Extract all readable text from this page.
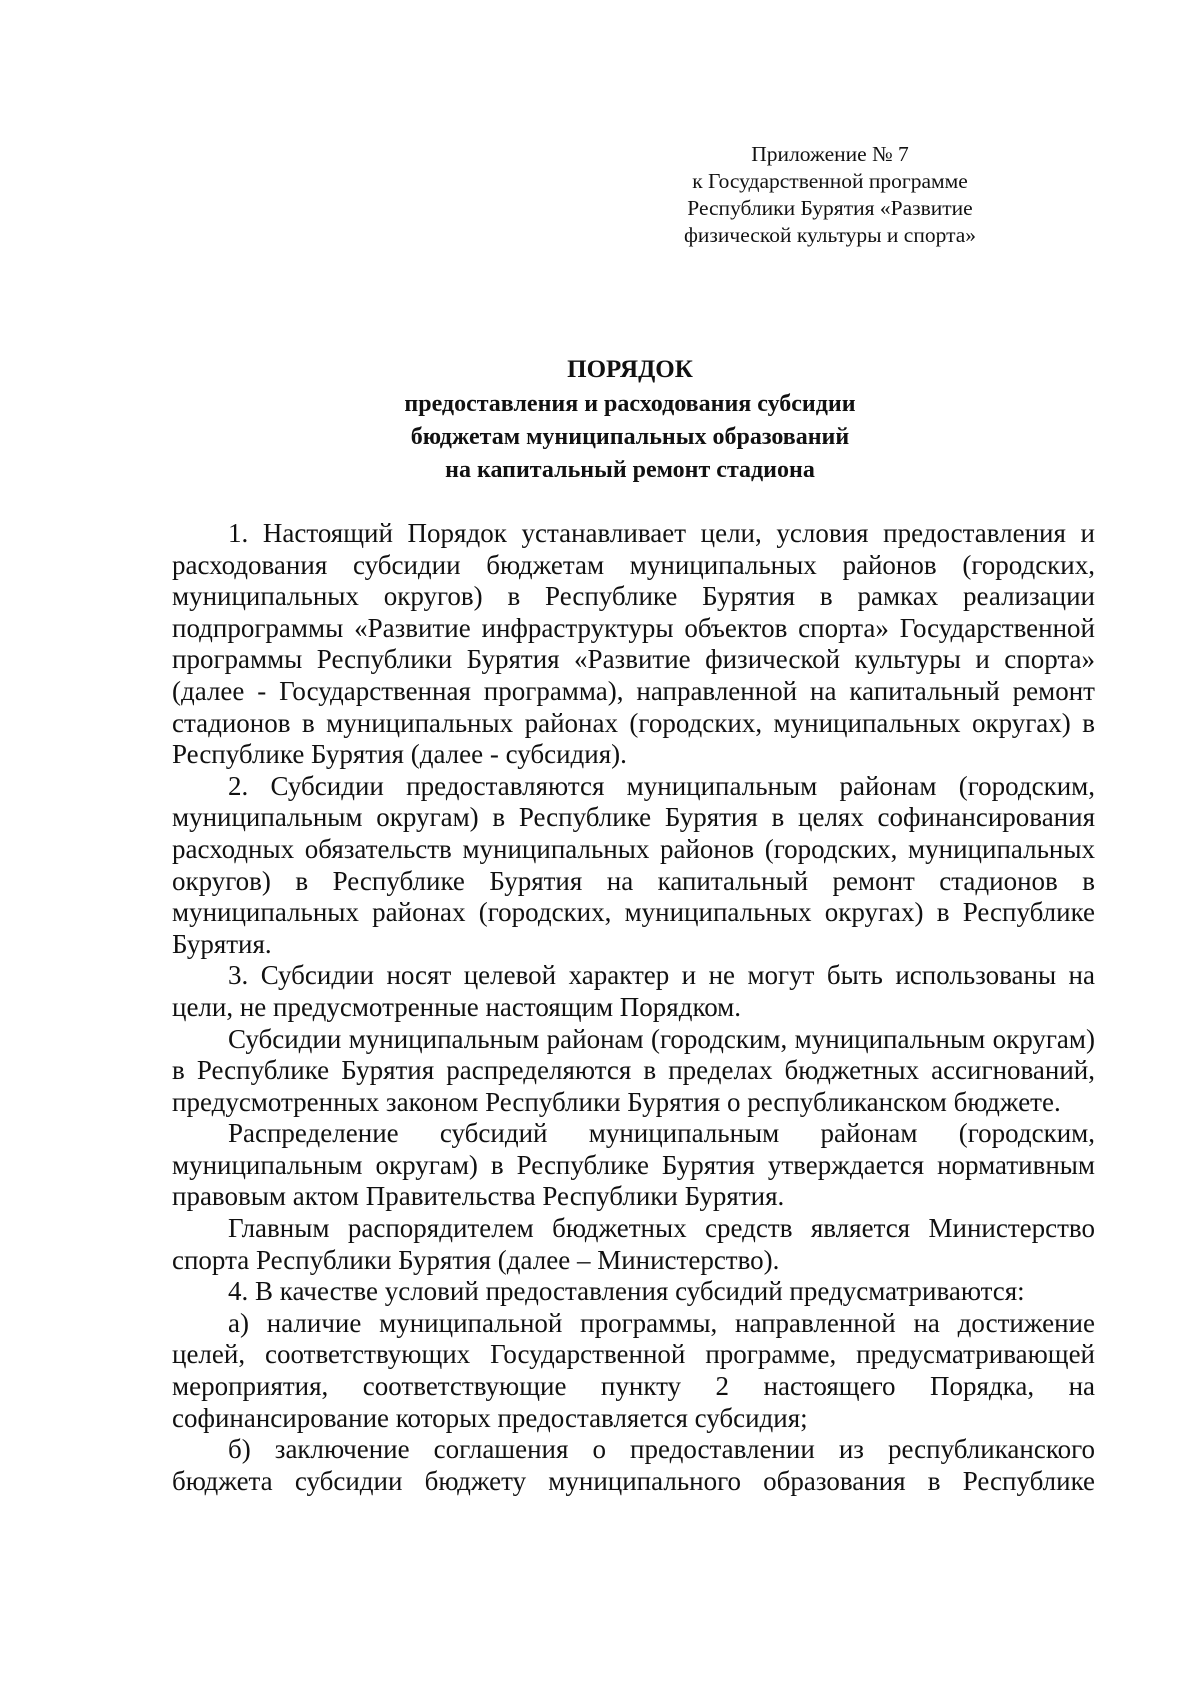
Приложение № 7
к Государственной программе
Республики Бурятия «Развитие
физической культуры и спорта»
ПОРЯДОК
предоставления и расходования субсидии
бюджетам муниципальных образований
на капитальный ремонт стадиона

1. Настоящий Порядок устанавливает цели, условия предоставления и расходования субсидии бюджетам муниципальных районов (городских, муниципальных округов) в Республике Бурятия в рамках реализации подпрограммы «Развитие инфраструктуры объектов спорта» Государственной программы Республики Бурятия «Развитие физической культуры и спорта» (далее - Государственная программа), направленной на капитальный ремонт стадионов в муниципальных районах (городских, муниципальных округах) в Республике Бурятия (далее - субсидия).

2. Субсидии предоставляются муниципальным районам (городским, муниципальным округам) в Республике Бурятия в целях софинансирования расходных обязательств муниципальных районов (городских, муниципальных округов) в Республике Бурятия на капитальный ремонт стадионов в муниципальных районах (городских, муниципальных округах) в Республике Бурятия.

3. Субсидии носят целевой характер и не могут быть использованы на цели, не предусмотренные настоящим Порядком.

Субсидии муниципальным районам (городским, муниципальным округам) в Республике Бурятия распределяются в пределах бюджетных ассигнований, предусмотренных законом Республики Бурятия о республиканском бюджете.

Распределение субсидий муниципальным районам (городским, муниципальным округам) в Республике Бурятия утверждается нормативным правовым актом Правительства Республики Бурятия.

Главным распорядителем бюджетных средств является Министерство спорта Республики Бурятия (далее – Министерство).

4. В качестве условий предоставления субсидий предусматриваются:

а) наличие муниципальной программы, направленной на достижение целей, соответствующих Государственной программе, предусматривающей мероприятия, соответствующие пункту 2 настоящего Порядка, на софинансирование которых предоставляется субсидия;

б) заключение соглашения о предоставлении из республиканского бюджета субсидии бюджету муниципального образования в Республике
